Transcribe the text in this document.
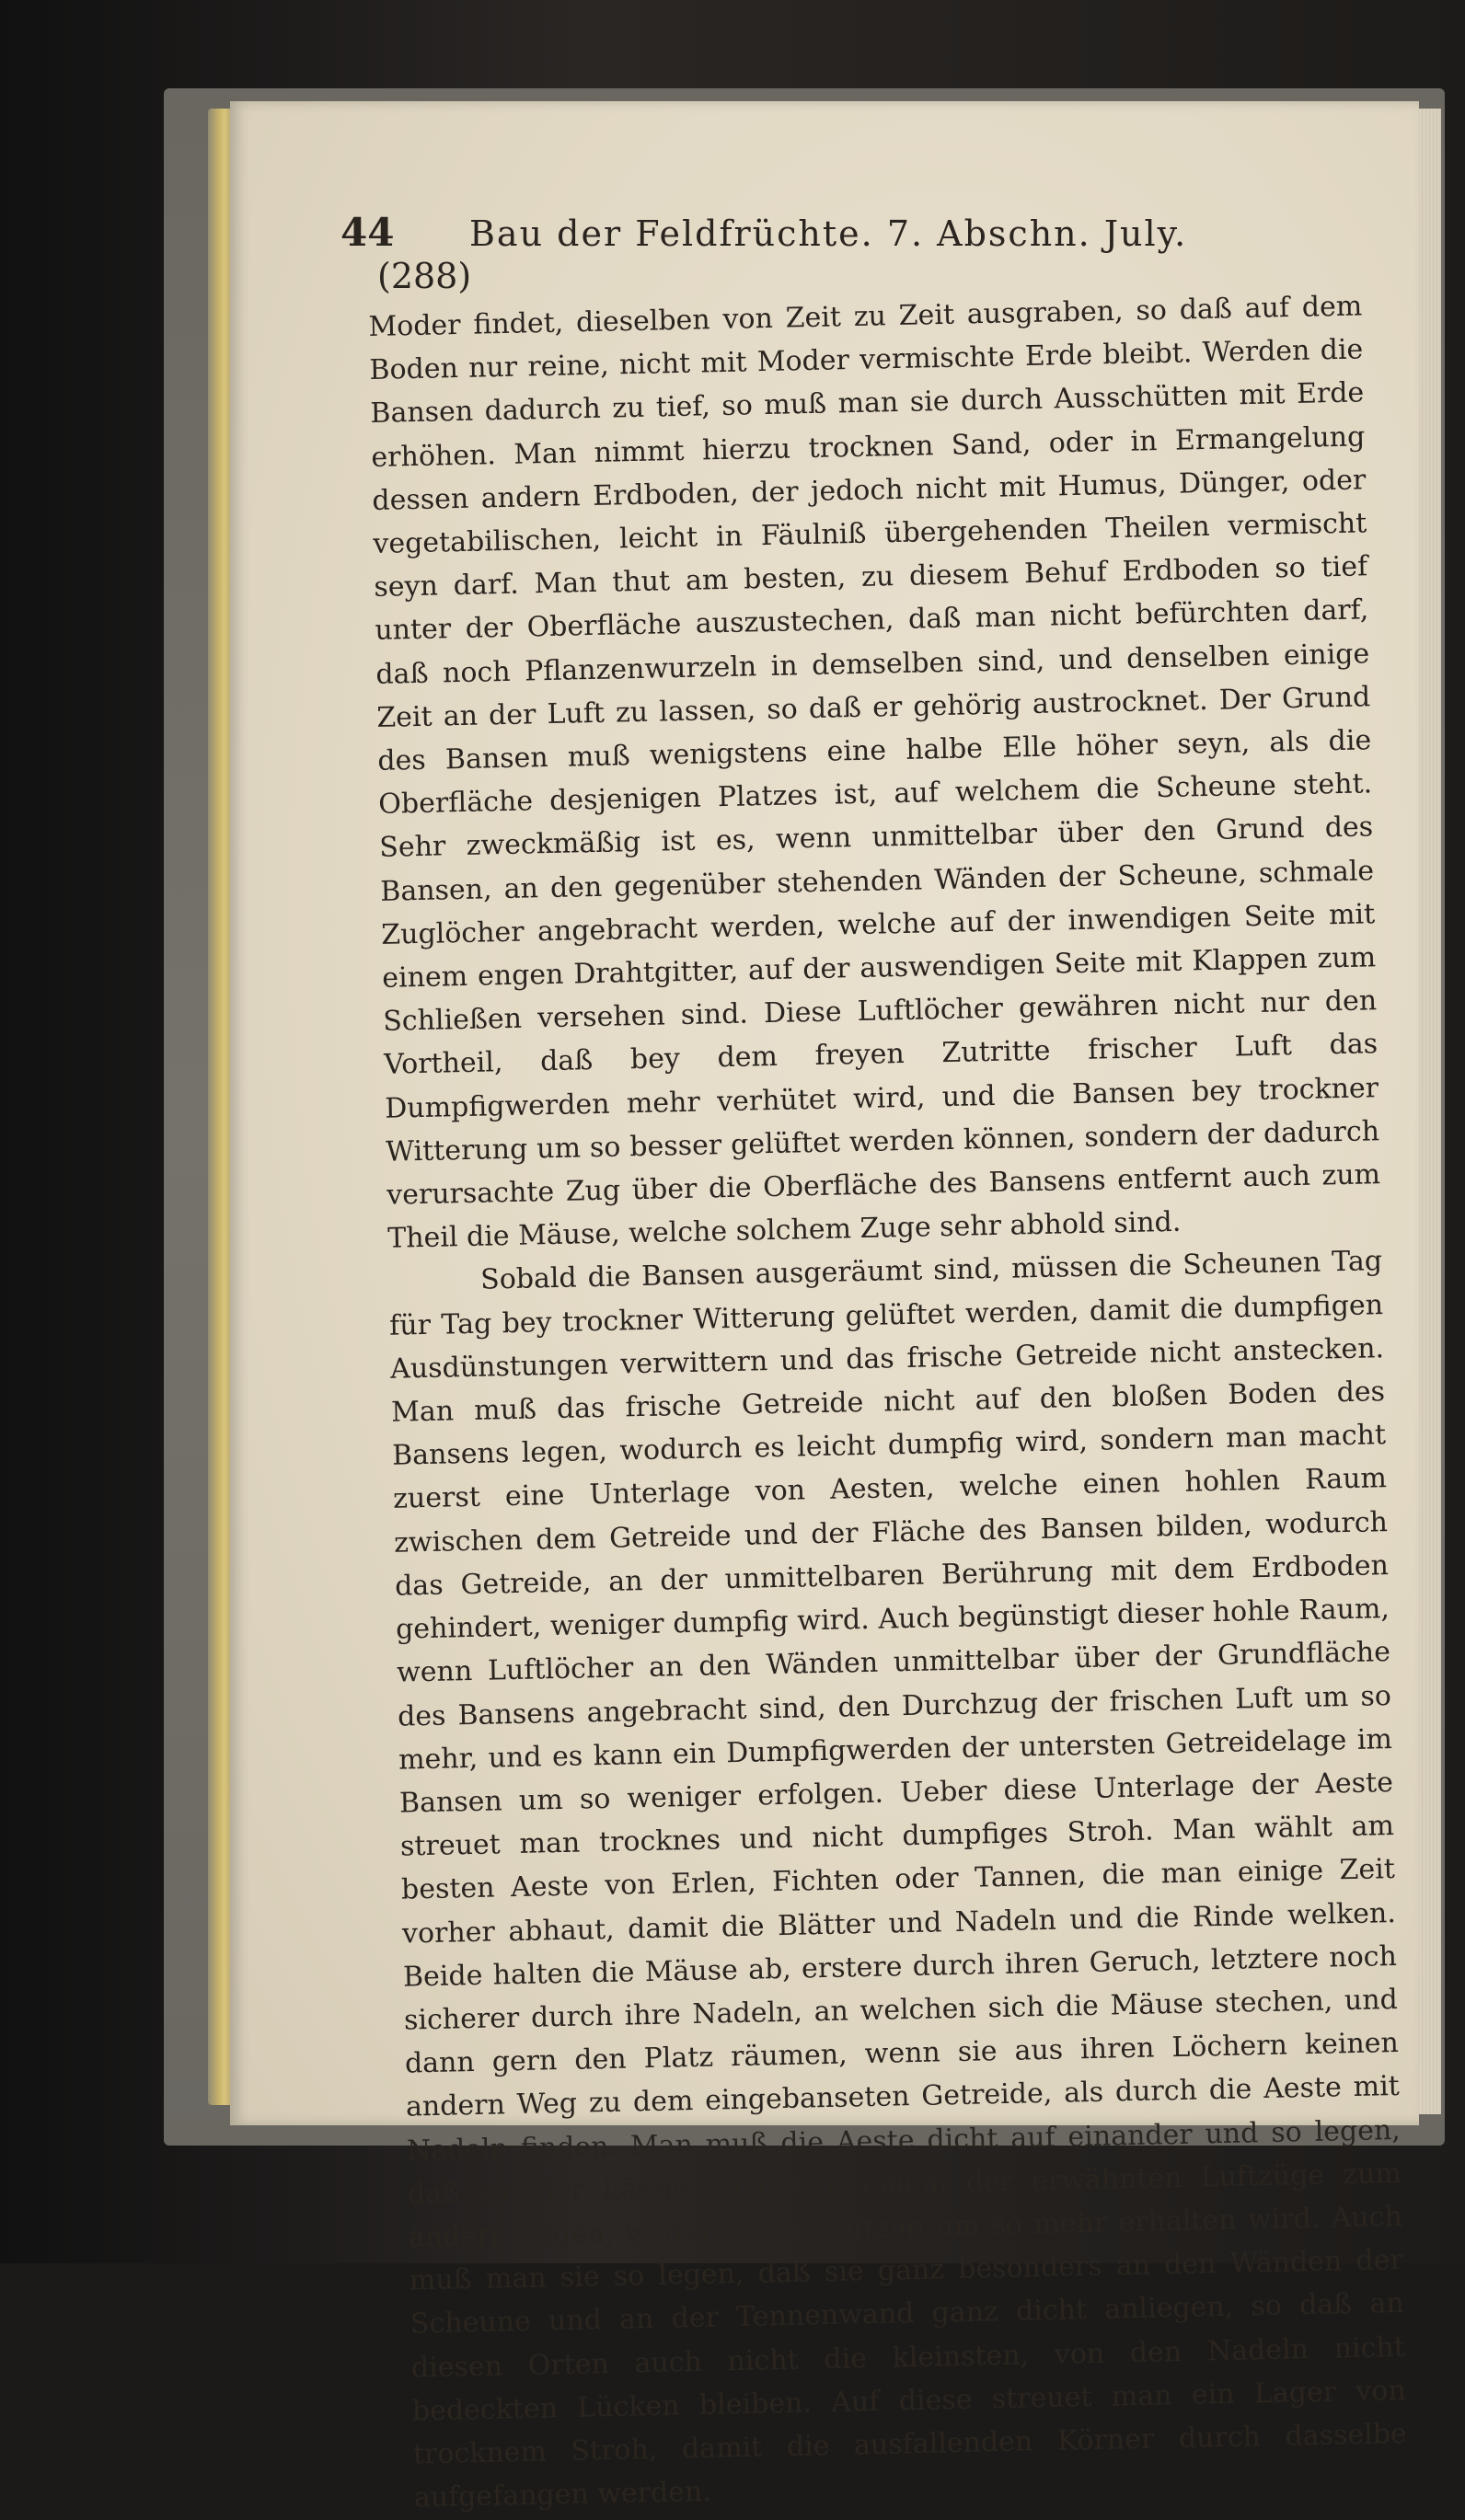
44 Bau der Feldfrüchte. 7. Abschn. July.
(288)

Moder findet, dieselben von Zeit zu Zeit ausgraben, so daß auf dem Boden nur reine, nicht mit Moder vermischte Erde bleibt. Werden die Bansen dadurch zu tief, so muß man sie durch Ausschütten mit Erde erhöhen. Man nimmt hierzu trocknen Sand, oder in Ermangelung dessen andern Erdboden, der jedoch nicht mit Humus, Dünger, oder vegetabilischen, leicht in Fäulniß übergehenden Theilen vermischt seyn darf. Man thut am besten, zu diesem Behuf Erdboden so tief unter der Oberfläche auszustechen, daß man nicht befürchten darf, daß noch Pflanzenwurzeln in demselben sind, und denselben einige Zeit an der Luft zu lassen, so daß er gehörig austrocknet. Der Grund des Bansen muß wenigstens eine halbe Elle höher seyn, als die Oberfläche desjenigen Platzes ist, auf welchem die Scheune steht. Sehr zweckmäßig ist es, wenn unmittelbar über den Grund des Bansen, an den gegenüber stehenden Wänden der Scheune, schmale Zuglöcher angebracht werden, welche auf der inwendigen Seite mit einem engen Drahtgitter, auf der auswendigen Seite mit Klappen zum Schließen versehen sind. Diese Luftlöcher gewähren nicht nur den Vortheil, daß bey dem freyen Zutritte frischer Luft das Dumpfigwerden mehr verhütet wird, und die Bansen bey trockner Witterung um so besser gelüftet werden können, sondern der dadurch verursachte Zug über die Oberfläche des Bansens entfernt auch zum Theil die Mäuse, welche solchem Zuge sehr abhold sind.

Sobald die Bansen ausgeräumt sind, müssen die Scheunen Tag für Tag bey trockner Witterung gelüftet werden, damit die dumpfigen Ausdünstungen verwittern und das frische Getreide nicht anstecken. Man muß das frische Getreide nicht auf den bloßen Boden des Bansens legen, wodurch es leicht dumpfig wird, sondern man macht zuerst eine Unterlage von Aesten, welche einen hohlen Raum zwischen dem Getreide und der Fläche des Bansen bilden, wodurch das Getreide, an der unmittelbaren Berührung mit dem Erdboden gehindert, weniger dumpfig wird. Auch begünstigt dieser hohle Raum, wenn Luftlöcher an den Wänden unmittelbar über der Grundfläche des Bansens angebracht sind, den Durchzug der frischen Luft um so mehr, und es kann ein Dumpfigwerden der untersten Getreidelage im Bansen um so weniger erfolgen. Ueber diese Unterlage der Aeste streuet man trocknes und nicht dumpfiges Stroh. Man wählt am besten Aeste von Erlen, Fichten oder Tannen, die man einige Zeit vorher abhaut, damit die Blätter und Nadeln und die Rinde welken. Beide halten die Mäuse ab, erstere durch ihren Geruch, letztere noch sicherer durch ihre Nadeln, an welchen sich die Mäuse stechen, und dann gern den Platz räumen, wenn sie aus ihren Löchern keinen andern Weg zu dem eingebansеten Getreide, als durch die Aeste mit Nadeln finden. Man muß die Aeste dicht auf einander und so legen, daß sie der Länge nach von einem der erwähnten Luftzüge zum andern liegen, wodurch der Luftzug um so mehr erhalten wird. Auch muß man sie so legen, daß sie ganz besonders an den Wänden der Scheune und an der Tennenwand ganz dicht anliegen, so daß an diesen Orten auch nicht die kleinsten, von den Nadeln nicht bedeckten Lücken bleiben. Auf diese streuet man ein Lager von trocknem Stroh, damit die ausfallenden Körner durch dasselbe aufgefangen werden.
